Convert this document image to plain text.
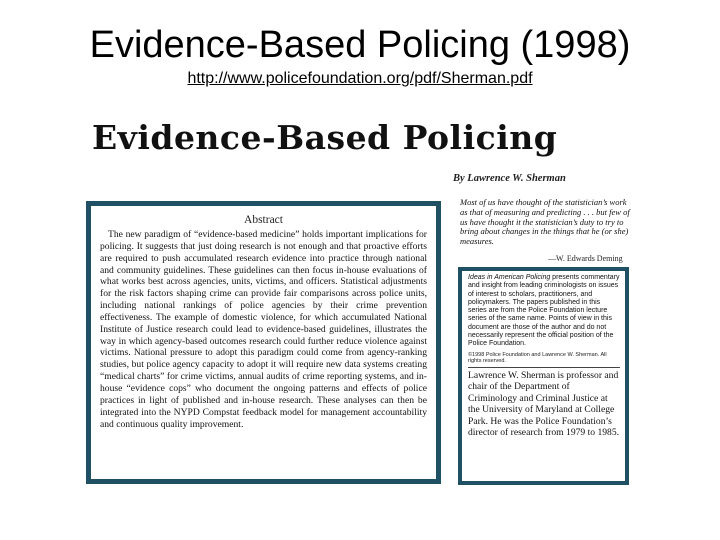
Evidence-Based Policing (1998)
http://www.policefoundation.org/pdf/Sherman.pdf
Evidence-Based Policing
By Lawrence W. Sherman
Abstract

The new paradigm of “evidence-based medicine” holds important implications for policing. It suggests that just doing research is not enough and that proactive efforts are required to push accumulated research evidence into practice through national and community guidelines. These guidelines can then focus in-house evaluations of what works best across agencies, units, victims, and officers. Statistical adjustments for the risk factors shaping crime can provide fair comparisons across police units, including national rankings of police agencies by their crime prevention effectiveness. The example of domestic violence, for which accumulated National Institute of Justice research could lead to evidence-based guidelines, illustrates the way in which agency-based outcomes research could further reduce violence against victims. National pressure to adopt this paradigm could come from agency-ranking studies, but police agency capacity to adopt it will require new data systems creating “medical charts” for crime victims, annual audits of crime reporting systems, and in-house “evidence cops” who document the ongoing patterns and effects of police practices in light of published and in-house research. These analyses can then be integrated into the NYPD Compstat feedback model for management accountability and continuous quality improvement.

Most of us have thought of the statistician’s work as that of measuring and predicting . . . but few of us have thought it the statistician’s duty to try to bring about changes in the things that he (or she) measures.
—W. Edwards Deming

Ideas in American Policing presents commentary and insight from leading criminologists on issues of interest to scholars, practitioners, and policymakers. The papers published in this series are from the Police Foundation lecture series of the same name. Points of view in this document are those of the author and do not necessarily represent the official position of the Police Foundation.

©1998 Police Foundation and Lawrence W. Sherman. All rights reserved.

Lawrence W. Sherman is professor and chair of the Department of Criminology and Criminal Justice at the University of Maryland at College Park. He was the Police Foundation’s director of research from 1979 to 1985.
